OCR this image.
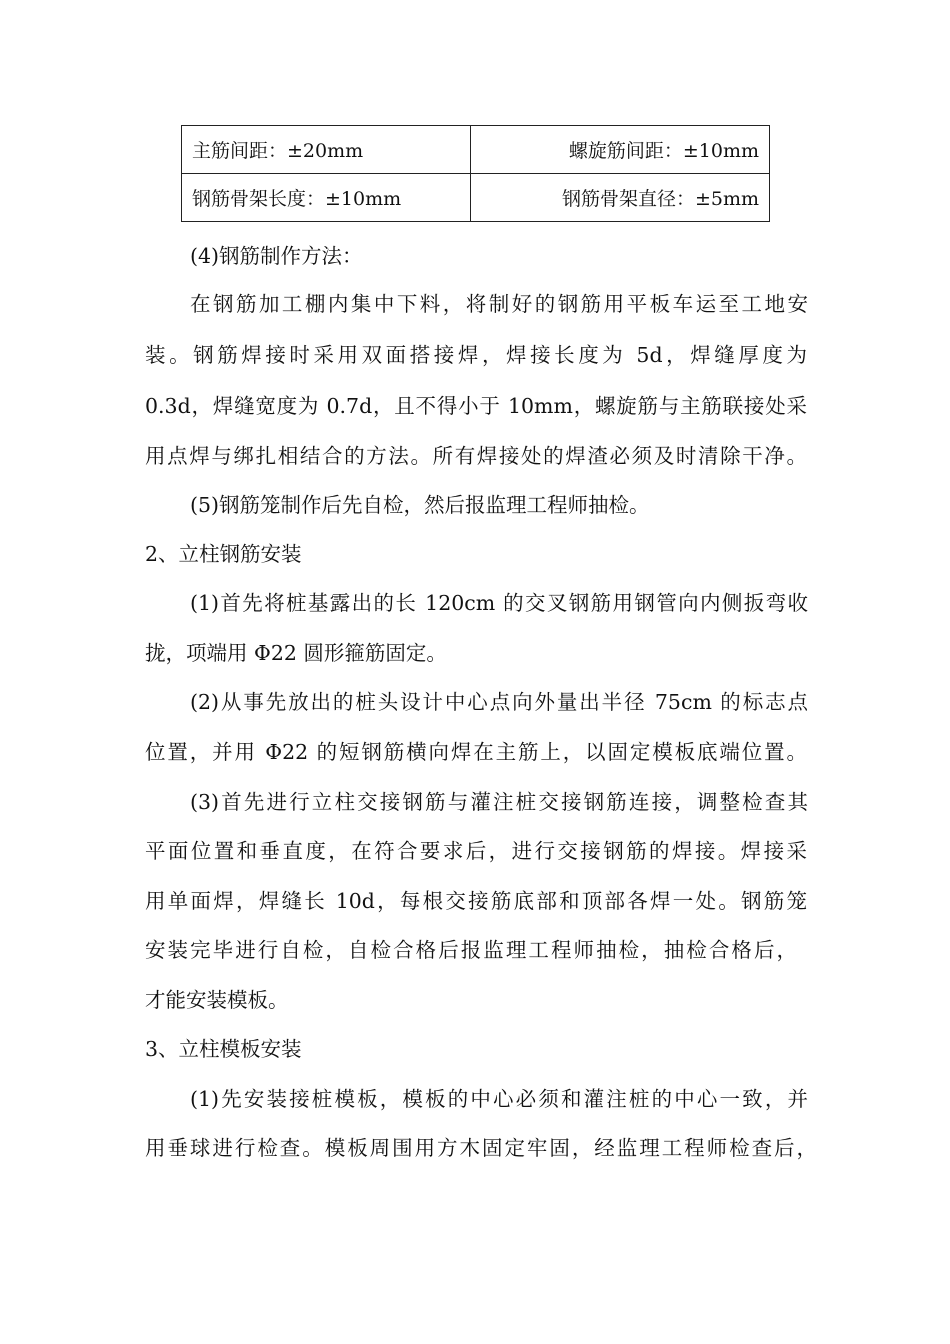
主筋间距：±20mm	螺旋筋间距：±10mm
钢筋骨架长度：±10mm	钢筋骨架直径：±5mm
(4)钢筋制作方法：
在钢筋加工棚内集中下料，将制好的钢筋用平板车运至工地安
装。钢筋焊接时采用双面搭接焊，焊接长度为 5d，焊缝厚度为
0.3d，焊缝宽度为 0.7d，且不得小于 10mm，螺旋筋与主筋联接处采
用点焊与绑扎相结合的方法。所有焊接处的焊渣必须及时清除干净。
(5)钢筋笼制作后先自检，然后报监理工程师抽检。
2、立柱钢筋安装
(1)首先将桩基露出的长 120cm 的交叉钢筋用钢管向内侧扳弯收
拢，项端用 Φ22 圆形箍筋固定。
(2)从事先放出的桩头设计中心点向外量出半径 75cm 的标志点
位置，并用 Φ22 的短钢筋横向焊在主筋上，以固定模板底端位置。
(3)首先进行立柱交接钢筋与灌注桩交接钢筋连接，调整检查其
平面位置和垂直度，在符合要求后，进行交接钢筋的焊接。焊接采
用单面焊，焊缝长 10d，每根交接筋底部和顶部各焊一处。钢筋笼
安装完毕进行自检，自检合格后报监理工程师抽检，抽检合格后，
才能安装模板。
3、立柱模板安装
(1)先安装接桩模板，模板的中心必须和灌注桩的中心一致，并
用垂球进行检查。模板周围用方木固定牢固，经监理工程师检查后，
